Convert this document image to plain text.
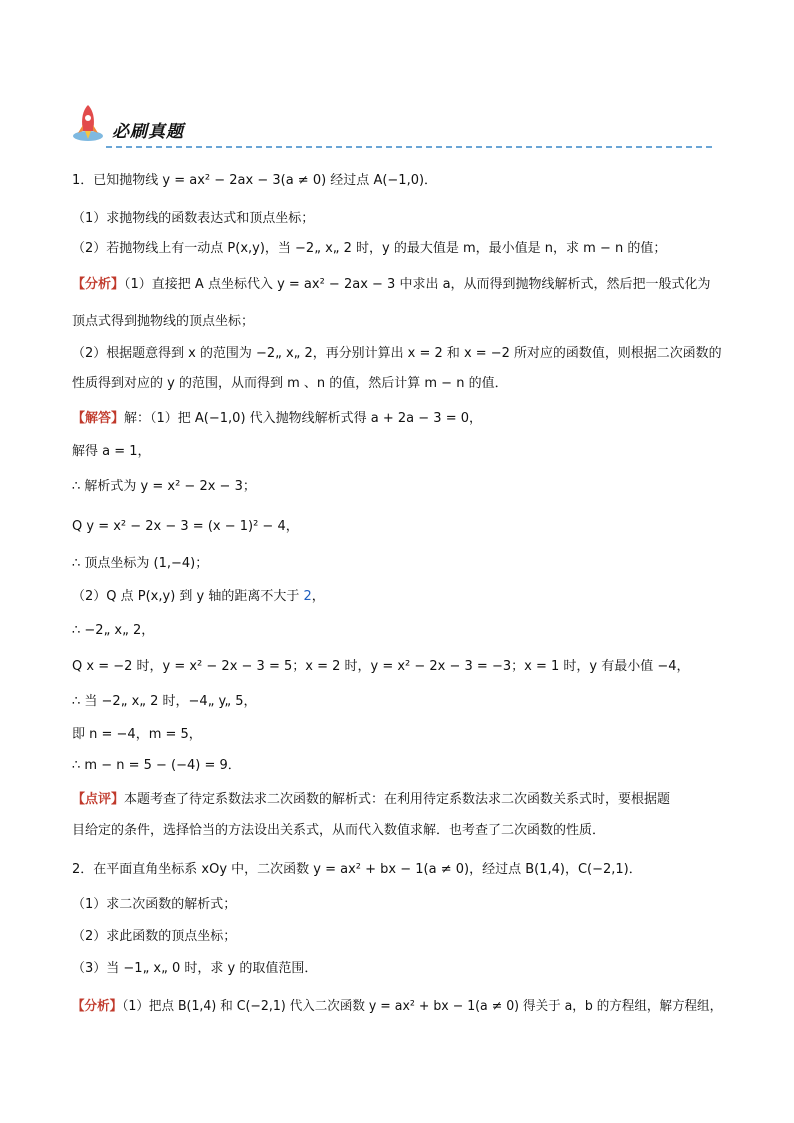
必刷真题
1．已知抛物线 y = ax² − 2ax − 3(a ≠ 0) 经过点 A(−1,0)．
（1）求抛物线的函数表达式和顶点坐标；
（2）若抛物线上有一动点 P(x,y)，当 −2„ x„ 2 时，y 的最大值是 m，最小值是 n，求 m − n 的值；
【分析】（1）直接把 A 点坐标代入 y = ax² − 2ax − 3 中求出 a，从而得到抛物线解析式，然后把一般式化为
顶点式得到抛物线的顶点坐标；
（2）根据题意得到 x 的范围为 −2„ x„ 2，再分别计算出 x = 2 和 x = −2 所对应的函数值，则根据二次函数的
性质得到对应的 y 的范围，从而得到 m 、n 的值，然后计算 m − n 的值．
【解答】解：（1）把 A(−1,0) 代入抛物线解析式得 a + 2a − 3 = 0，
解得 a = 1，
∴ 解析式为 y = x² − 2x − 3；
Q y = x² − 2x − 3 = (x − 1)² − 4，
∴ 顶点坐标为 (1,−4)；
（2）Q 点 P(x,y) 到 y 轴的距离不大于 2，
∴ −2„ x„ 2，
Q x = −2 时，y = x² − 2x − 3 = 5；x = 2 时，y = x² − 2x − 3 = −3；x = 1 时，y 有最小值 −4，
∴ 当 −2„ x„ 2 时，−4„ y„ 5，
即 n = −4，m = 5，
∴ m − n = 5 − (−4) = 9．
【点评】本题考查了待定系数法求二次函数的解析式：在利用待定系数法求二次函数关系式时，要根据题
目给定的条件，选择恰当的方法设出关系式，从而代入数值求解．也考查了二次函数的性质．
2．在平面直角坐标系 xOy 中，二次函数 y = ax² + bx − 1(a ≠ 0)，经过点 B(1,4)，C(−2,1)．
（1）求二次函数的解析式；
（2）求此函数的顶点坐标；
（3）当 −1„ x„ 0 时，求 y 的取值范围．
【分析】（1）把点 B(1,4) 和 C(−2,1) 代入二次函数 y = ax² + bx − 1(a ≠ 0) 得关于 a，b 的方程组，解方程组，
